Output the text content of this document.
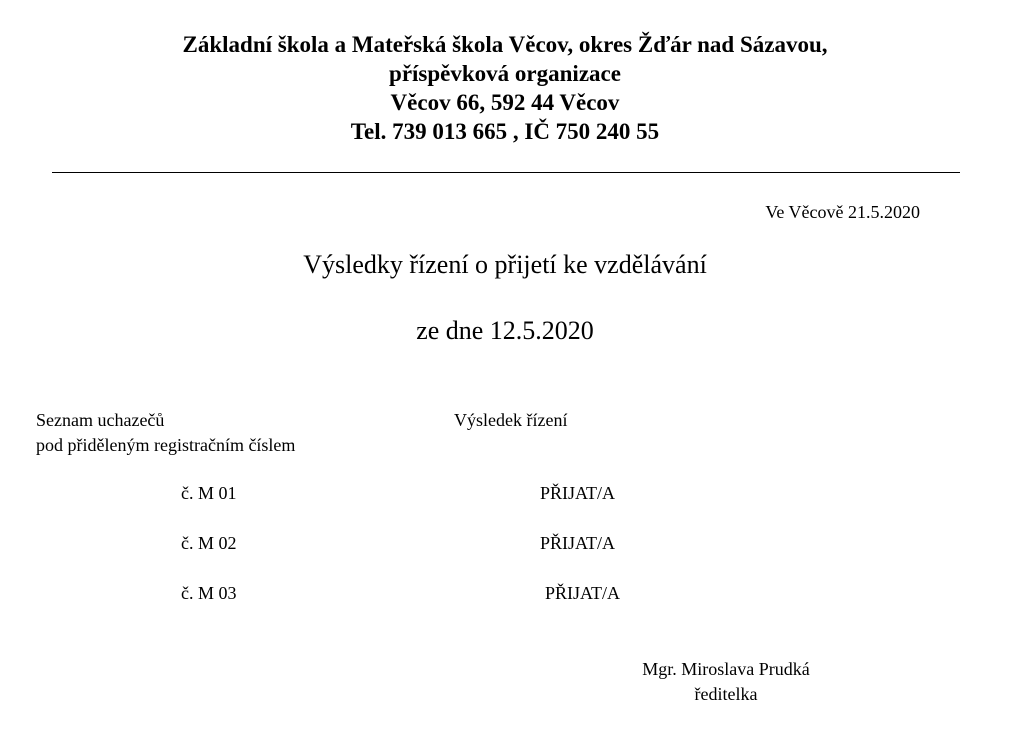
Základní škola a Mateřská škola Věcov, okres Žďár nad Sázavou,
příspěvková organizace
Věcov 66, 592 44 Věcov
Tel. 739 013 665 , IČ 750 240 55
Ve Věcově 21.5.2020
Výsledky řízení o přijetí ke vzdělávání
ze dne 12.5.2020
Seznam uchazečů
pod přiděleným registračním číslem
Výsledek řízení
č. M 01	PŘIJAT/A
č. M 02	PŘIJAT/A
č. M 03	PŘIJAT/A
Mgr. Miroslava Prudká
ředitelka
